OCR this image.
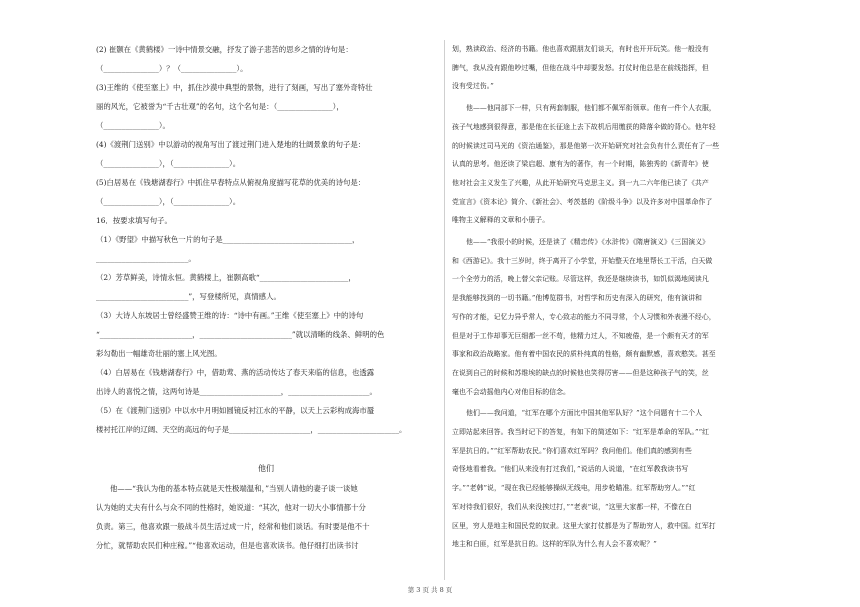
(2) 崔颢在《黄鹤楼》一诗中情景交融，抒发了游子悲苦的思乡之情的诗句是：
（_______________）？（_______________）。
(3)王维的《使至塞上》中，抓住沙漠中典型的景物，进行了刻画，写出了塞外奇特壮
丽的风光，它被誉为“千古壮观”的名句，这个名句是：（_______________），
（_______________）。
(4)《渡荆门送别》中以游动的视角写出了渡过荆门进入楚地的壮阔景象的句子是：
（_______________），（_______________）。
(5)白居易在《钱塘湖春行》中抓住早春特点从俯视角度描写花草的优美的诗句是：
（_______________），（_______________）。
16．按要求填写句子。
（1）《野望》中描写秋色一片的句子是___________________________________，
_________________________。
（2）芳草鲜美，诗情永恒。黄鹤楼上，崔颢高歌“________________________，
_________________________”，写登楼所见，真情感人。
（3）大诗人东坡居士曾经盛赞王维的诗：“诗中有画。”王维《使至塞上》中的诗句
“_________________________，_________________________”就以清晰的线条、鲜明的色
彩勾勒出一幅雄奇壮丽的塞上风光图。
（4）白居易在《钱塘湖春行》中，借助莺、燕的活动传达了春天来临的信息，也透露
出诗人的喜悦之情，这两句诗是______________________，______________________。
（5）在《渡荆门送别》中以水中月明如圆镜反衬江水的平静，以天上云彩构成海市蜃
楼衬托江岸的辽阔、天空的高远的句子是______________________，______________________。
他们
他——“我认为他的基本特点就是天性极端温和，”当别人请他的妻子谈一谈她
认为她的丈夫有什么与众不同的性格时，她说道：“其次，他对一切大小事情都十分
负责。第三，他喜欢跟一般战斗员生活过成一片，经常和他们谈话。有时要是他不十
分忙，就帮助农民们种庄稼。”“他喜欢运动，但是也喜欢读书。他仔细打出读书讨
划，熟读政治、经济的书籍。他也喜欢跟朋友们谈天，有时也开开玩笑。他一般没有
脾气，我从没有跟他吵过嘴，但他在战斗中却要发怒。打仗时他总是在前线指挥，但
没有受过伤。”
他——他同部下一样，只有两套制服，他们都不佩军衔领章。他有一件个人衣服，
孩子气地感到很得意，那是他在长征途上去下故机后用缴获的降落伞做的背心。他年轻
的时候读过司马光的《资治通鉴》，那是他第一次开始研究对社会负有什么责任有了一些
认真的思考。他还读了梁启超、康有为的著作，有一个时期，陈独秀的《新青年》使
他对社会主义发生了兴趣，从此开始研究马克思主义。到一九二六年他已读了《共产
党宣言》《资本论》简介、《新社会》、考茨基的《阶级斗争》以及许多对中国革命作了
唯物主义解释的文章和小册子。
他——“我很小的时候，还是读了《精忠传》《水浒传》《隋唐演义》《三国演义》
和《西游记》。我十三岁时，终于离开了小学堂，开始整天在地里帮长工干活，白天做
一个全劳力的活，晚上替父亲记账。尽管这样，我还是继续读书，如饥似渴地阅读凡
是我能够找到的一切书籍。”他博览群书，对哲学和历史有深入的研究，他有演讲和
写作的才能，记忆力异乎常人，专心致志的能力不同寻常，个人习惯和外表漫不经心，
但是对于工作却事无巨细都一丝不苟，他精力过人，不知疲倦，是一个颇有天才的军
事家和政治战略家。他有着中国农民的质朴纯真的性格，颇有幽默感，喜欢憨笑。甚至
在说到自己的时候和苏维埃的缺点的时候他也笑得厉害——但是这种孩子气的笑，丝
毫也不会动摇他内心对他目标的信念。
他们——我问道，“红军在哪个方面比中国其他军队好？”这个问题有十二个人
立即站起来回答。我当时记下的答复，有如下的简述如下：“红军是革命的军队。”“红
军是抗日的。”“红军帮助农民。”你们喜欢红军吗？我问他们。他们真的感到有些
奇怪地看着我。“他们从来没有打过我们，”说话的人说道，“在红军教我读书写
字。”“老韩”说，“现在我已经能够操纵无线电，用步枪瞄准。红军帮助穷人。”“红
军对待我们很好，我们从来没挨过打，”“老表”说，“这里大家都一样，不像在白
区里，穷人是地主和国民党的奴隶。这里大家打仗都是为了帮助穷人，救中国。红军打
地主和白匪，红军是抗日的。这样的军队为什么有人会不喜欢呢？”
第 3 页 共 8 页
